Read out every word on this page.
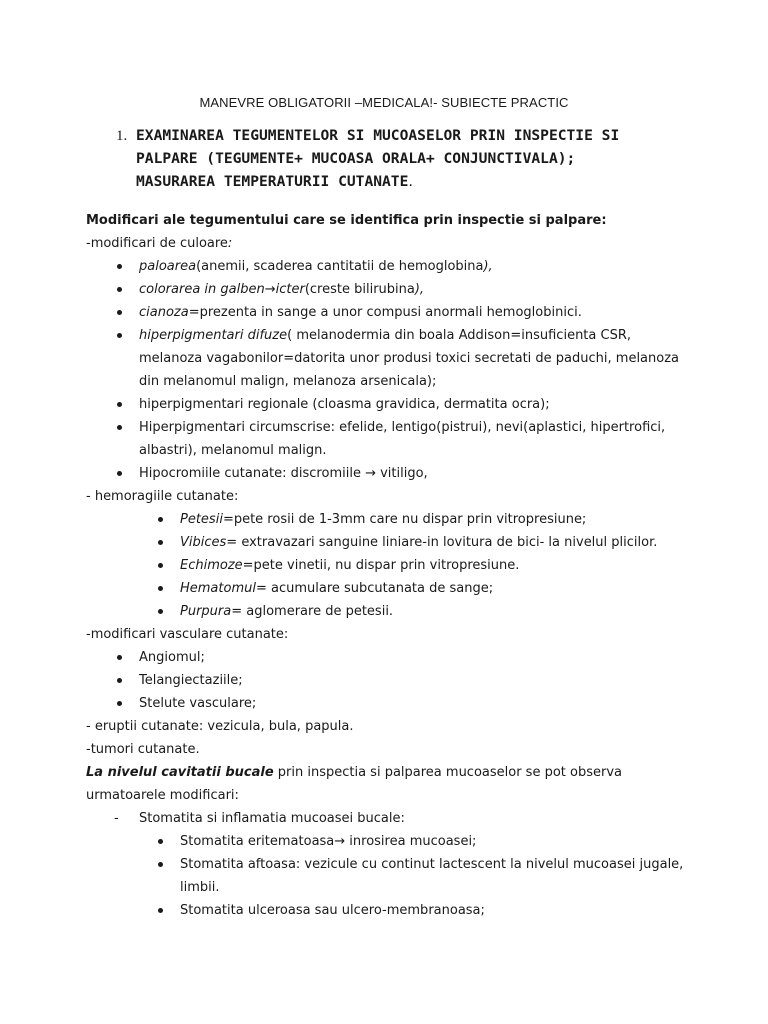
MANEVRE OBLIGATORII –MEDICALA!- SUBIECTE PRACTIC
1. EXAMINAREA TEGUMENTELOR SI MUCOASELOR PRIN INSPECTIE SI
PALPARE (TEGUMENTE+ MUCOASA ORALA+ CONJUNCTIVALA);
MASURAREA TEMPERATURII CUTANATE.
Modificari ale tegumentului care se identifica prin inspectie si palpare:
-modificari de culoare:
paloarea(anemii, scaderea cantitatii de hemoglobina),
colorarea in galben→icter(creste bilirubina),
cianoza=prezenta in sange a unor compusi anormali hemoglobinici.
hiperpigmentari difuze( melanodermia din boala Addison=insuficienta CSR,
melanoza vagabonilor=datorita unor produsi toxici secretati de paduchi, melanoza
din melanomul malign, melanoza arsenicala);
hiperpigmentari regionale (cloasma gravidica, dermatita ocra);
Hiperpigmentari circumscrise: efelide, lentigo(pistrui), nevi(aplastici, hipertrofici,
albastri), melanomul malign.
Hipocromiile cutanate: discromiile → vitiligo,
- hemoragiile cutanate:
Petesii=pete rosii de 1-3mm care nu dispar prin vitropresiune;
Vibices= extravazari sanguine liniare-in lovitura de bici- la nivelul plicilor.
Echimoze=pete vinetii, nu dispar prin vitropresiune.
Hematomul= acumulare subcutanata de sange;
Purpura= aglomerare de petesii.
-modificari vasculare cutanate:
Angiomul;
Telangiectaziile;
Stelute vasculare;
- eruptii cutanate: vezicula, bula, papula.
-tumori cutanate.
La nivelul cavitatii bucale prin inspectia si palparea mucoaselor se pot observa
urmatoarele modificari:
- Stomatita si inflamatia mucoasei bucale:
Stomatita eritematoasa→ inrosirea mucoasei;
Stomatita aftoasa: vezicule cu continut lactescent la nivelul mucoasei jugale,
limbii.
Stomatita ulceroasa sau ulcero-membranoasa;
